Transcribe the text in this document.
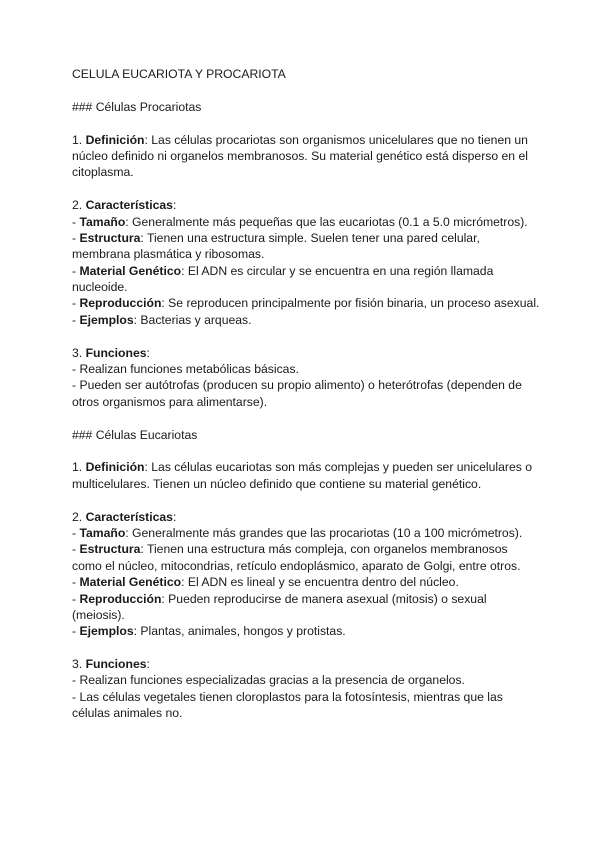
CELULA EUCARIOTA Y PROCARIOTA
### Células Procariotas
1. Definición: Las células procariotas son organismos unicelulares que no tienen un
núcleo definido ni organelos membranosos. Su material genético está disperso en el
citoplasma.
2. Características:
- Tamaño: Generalmente más pequeñas que las eucariotas (0.1 a 5.0 micrómetros).
- Estructura: Tienen una estructura simple. Suelen tener una pared celular,
membrana plasmática y ribosomas.
- Material Genético: El ADN es circular y se encuentra en una región llamada
nucleoide.
- Reproducción: Se reproducen principalmente por fisión binaria, un proceso asexual.
- Ejemplos: Bacterias y arqueas.
3. Funciones:
- Realizan funciones metabólicas básicas.
- Pueden ser autótrofas (producen su propio alimento) o heterótrofas (dependen de
otros organismos para alimentarse).
### Células Eucariotas
1. Definición: Las células eucariotas son más complejas y pueden ser unicelulares o
multicelulares. Tienen un núcleo definido que contiene su material genético.
2. Características:
- Tamaño: Generalmente más grandes que las procariotas (10 a 100 micrómetros).
- Estructura: Tienen una estructura más compleja, con organelos membranosos
como el núcleo, mitocondrias, retículo endoplásmico, aparato de Golgi, entre otros.
- Material Genético: El ADN es lineal y se encuentra dentro del núcleo.
- Reproducción: Pueden reproducirse de manera asexual (mitosis) o sexual
(meiosis).
- Ejemplos: Plantas, animales, hongos y protistas.
3. Funciones:
- Realizan funciones especializadas gracias a la presencia de organelos.
- Las células vegetales tienen cloroplastos para la fotosíntesis, mientras que las
células animales no.
